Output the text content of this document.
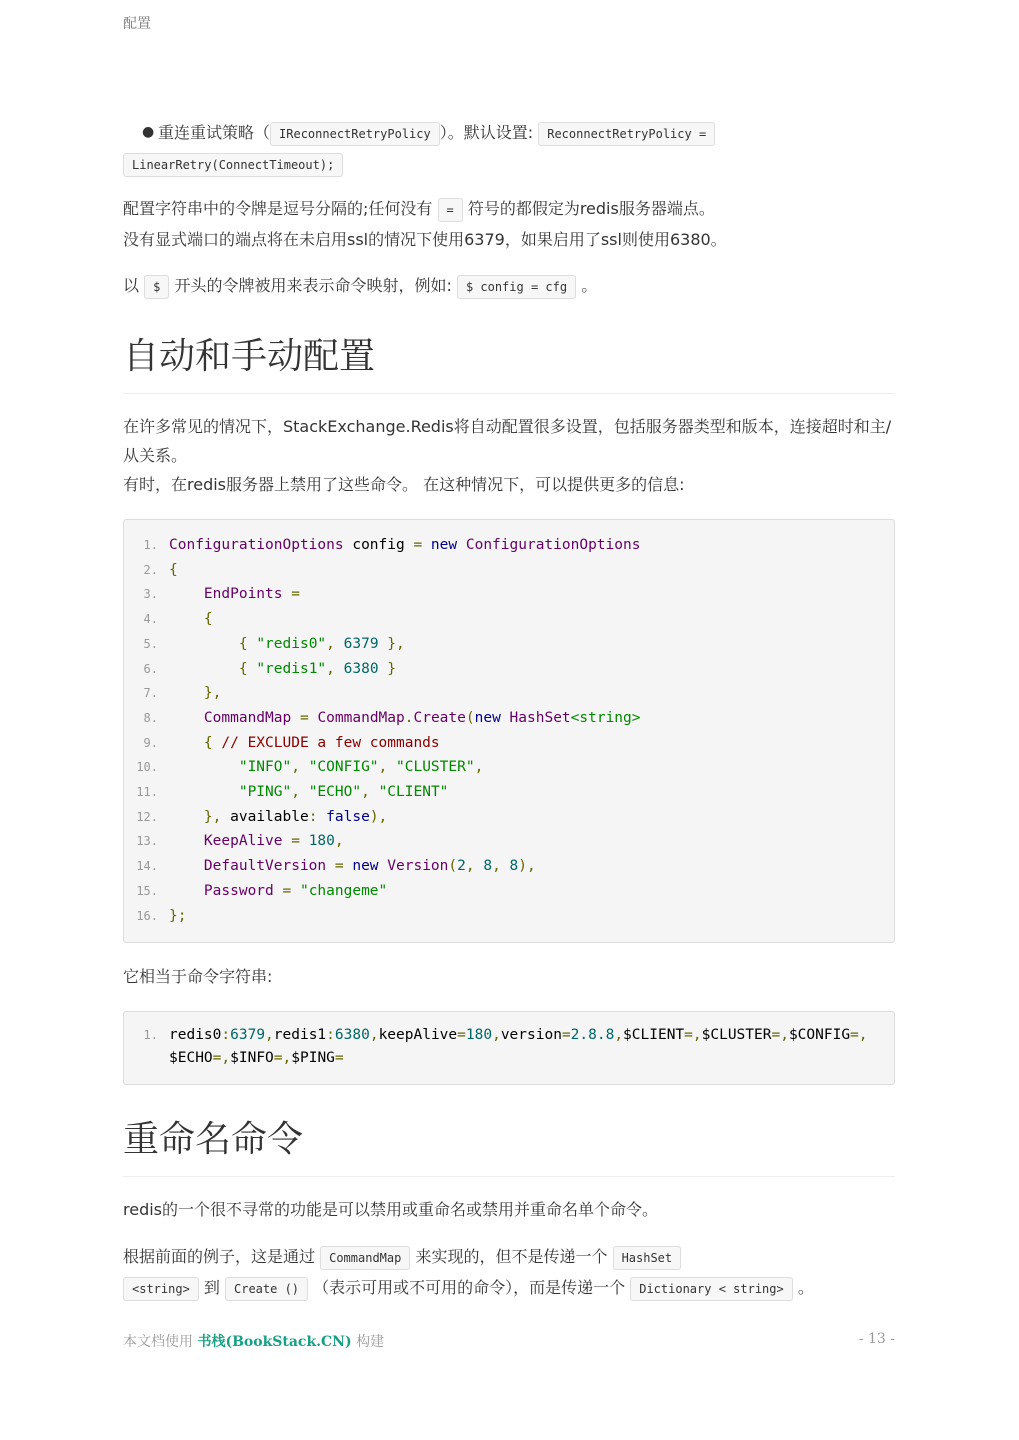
配置
● 重连重试策略（ IReconnectRetryPolicy ）。默认设置: ReconnectRetryPolicy =
LinearRetry(ConnectTimeout);

配置字符串中的令牌是逗号分隔的;任何没有 = 符号的都假定为redis服务器端点。
没有显式端口的端点将在未启用ssl的情况下使用6379，如果启用了ssl则使用6380。

以 $ 开头的令牌被用来表示命令映射，例如: $ config = cfg 。

自动和手动配置

在许多常见的情况下，StackExchange.Redis将自动配置很多设置，包括服务器类型和版本，连接超时和主/从关系。
有时，在redis服务器上禁用了这些命令。 在这种情况下，可以提供更多的信息:

1. ConfigurationOptions config = new ConfigurationOptions
2. {
3.	EndPoints =
4.	{
5.	{ "redis0", 6379 },
6.	{ "redis1", 6380 }
7.	},
8.	CommandMap = CommandMap.Create(new HashSet<string>
9.	{ // EXCLUDE a few commands
10.	"INFO", "CONFIG", "CLUSTER",
11.	"PING", "ECHO", "CLIENT"
12.	}, available: false),
13.	KeepAlive = 180,
14.	DefaultVersion = new Version(2, 8, 8),
15.	Password = "changeme"
16. };

它相当于命令字符串:

1. redis0:6379,redis1:6380,keepAlive=180,version=2.8.8,$CLIENT=,$CLUSTER=,$CONFIG=, $ECHO=,$INFO=,$PING=
重命名命令

redis的一个很不寻常的功能是可以禁用或重命名或禁用并重命名单个命令。

根据前面的例子，这是通过 CommandMap 来实现的，但不是传递一个 HashSet
<string> 到 Create () （表示可用或不可用的命令），而是传递一个 Dictionary < string> 。

本文档使用 书栈(BookStack.CN) 构建	- 13 -
